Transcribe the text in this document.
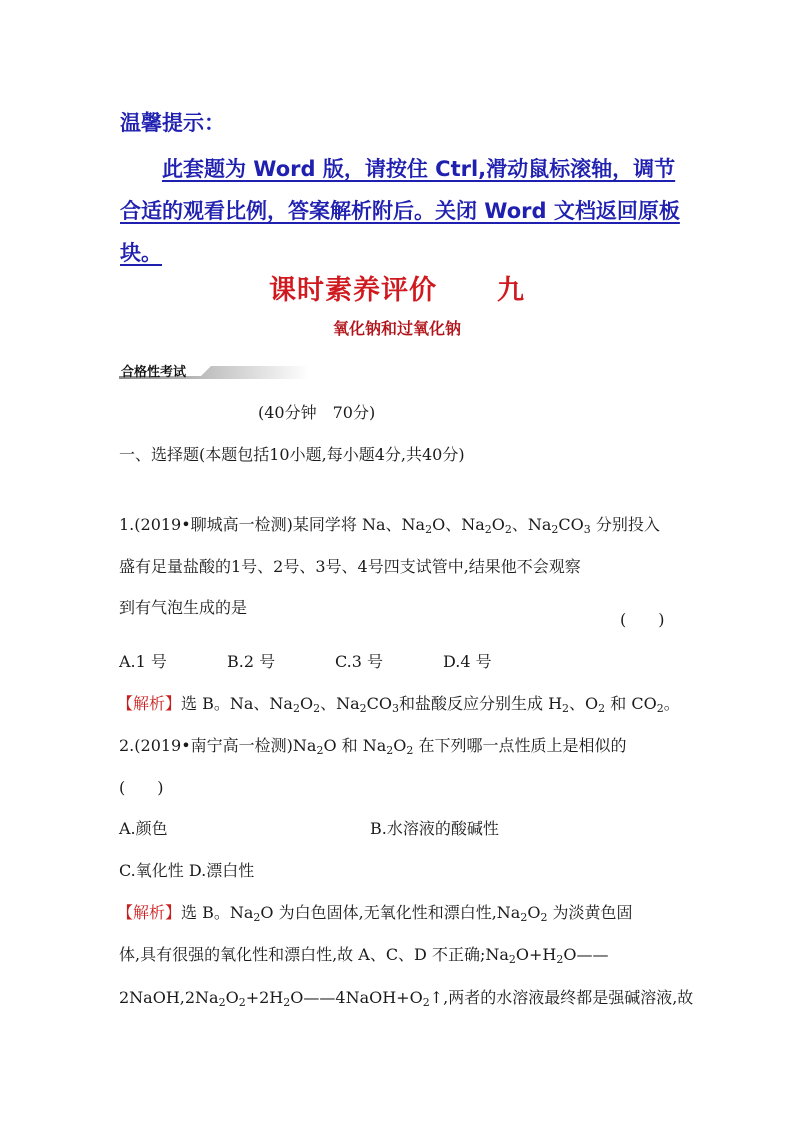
温馨提示：
此套题为 Word 版，请按住 Ctrl,滑动鼠标滚轴，调节
合适的观看比例，答案解析附后。关闭 Word 文档返回原板
块。
课时素养评价 九
氧化钠和过氧化钠
合格性考试
(40分钟　70分)
一、选择题(本题包括10小题,每小题4分,共40分)
1.(2019•聊城高一检测)某同学将 Na、$Na_2O$、$Na_2O_2$、$Na_2CO_3$ 分别投入
盛有足量盐酸的1号、2号、3号、4号四支试管中,结果他不会观察
到有气泡生成的是
(　　)
A.1 号	B.2 号	C.3 号	D.4 号
【解析】选 B。Na、$Na_2O_2$、$Na_2CO_3$和盐酸反应分别生成 $H_2$、$O_2$ 和 $CO_2$。
2.(2019•南宁高一检测)$Na_2O$ 和 $Na_2O_2$ 在下列哪一点性质上是相似的
(　　)
A.颜色	B.水溶液的酸碱性
C.氧化性 D.漂白性
【解析】选 B。$Na_2O$ 为白色固体,无氧化性和漂白性$,Na_2O_2$ 为淡黄色固
体,具有很强的氧化性和漂白性,故 A、C、D 不正确$;Na_2O+H_2O——$
$2NaOH,2Na_2O_2+2H_2O——4NaOH+O_2↑$,两者的水溶液最终都是强碱溶液,故
